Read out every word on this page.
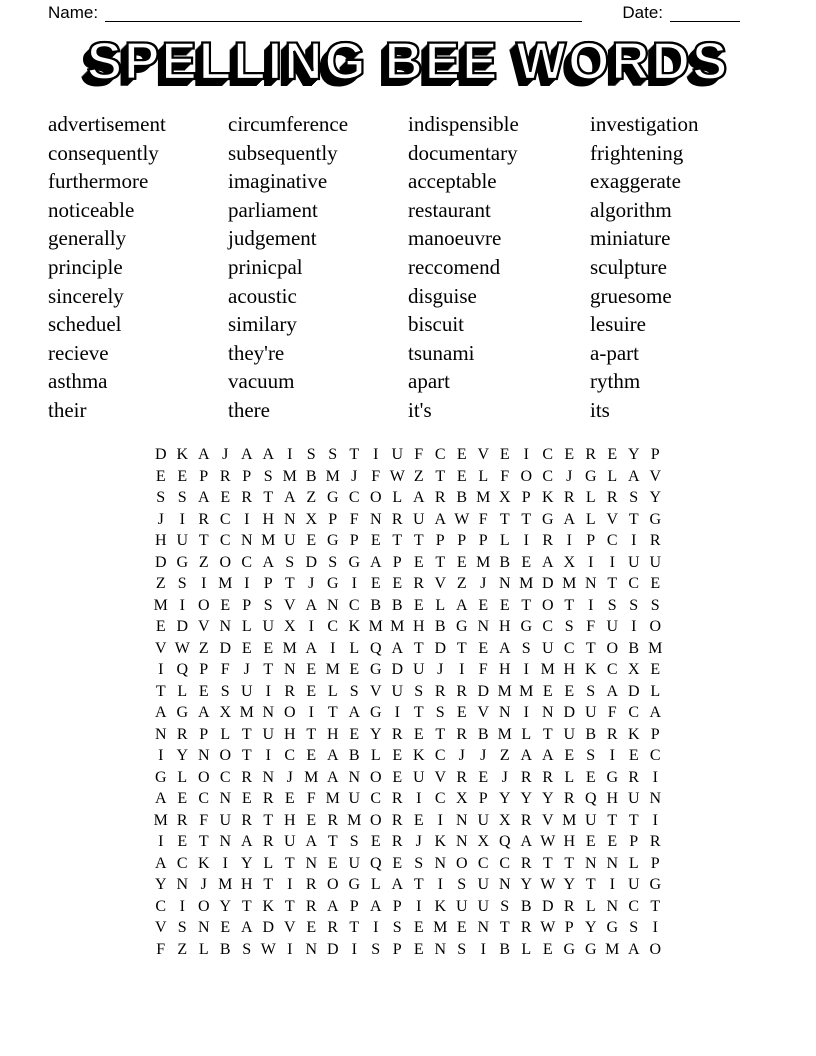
Name:	Date:
SPELLING BEE WORDS
advertisement
consequently
furthermore
noticeable
generally
principle
sincerely
scheduel
recieve
asthma
their
circumference
subsequently
imaginative
parliament
judgement
prinicpal
acoustic
similary
they're
vacuum
there
indispensible
documentary
acceptable
restaurant
manoeuvre
reccomend
disguise
biscuit
tsunami
apart
it's
investigation
frightening
exaggerate
algorithm
miniature
sculpture
gruesome
lesuire
a-part
rythm
its
D K A J A A I S S T I U F C E V E I C E R E Y P
E E P R P S M B M J F W Z T E L F O C J G L A V
S S A E R T A Z G C O L A R B M X P K R L R S Y
J I R C I H N X P F N R U A W F T T G A L V T G
H U T C N M U E G P E T T P P P L I R I P C I R
D G Z O C A S D S G A P E T E M B E A X I	I U U
Z S I M I P T J G I E E R V Z J N M D M N T C E
M I O E P S V A N C B B E L A E E T O T I S S S
E D V N L U X I C K M M H B G N H G C S F U I O
V W Z D E E M A I L Q A T D T E A S U C T O B M
I Q P F J T N E M E G D U J I F H I M H K C X E
T L E S U I R E L S V U S R R D M M E E S A D L
A G A X M N O I T A G I T S E V N I N D U F C A
N R P L T U H T H E Y R E T R B M L T U B R K P
I Y N O T I C E A B L E K C J J Z A A E S I E C
G L O C R N J M A N O E U V R E J R R L E G R I
A E C N E R E F M U C R I C X P Y Y Y R Q H U N
M R F U R T H E R M O R E I N U X R V M U T T I
I E T N A R U A T S E R J K N X Q A W H E E P R
A C K I Y L T N E U Q E S N O C C R T T N N L P
Y N J M H T I R O G L A T I S U N Y W Y T I U G
C I O Y T K T R A P A P I K U U S B D R L N C T
V S N E A D V E R T I S E M E N T R W P Y G S I
F Z L B S W I N D I S P E N S I B L E G G M A O
